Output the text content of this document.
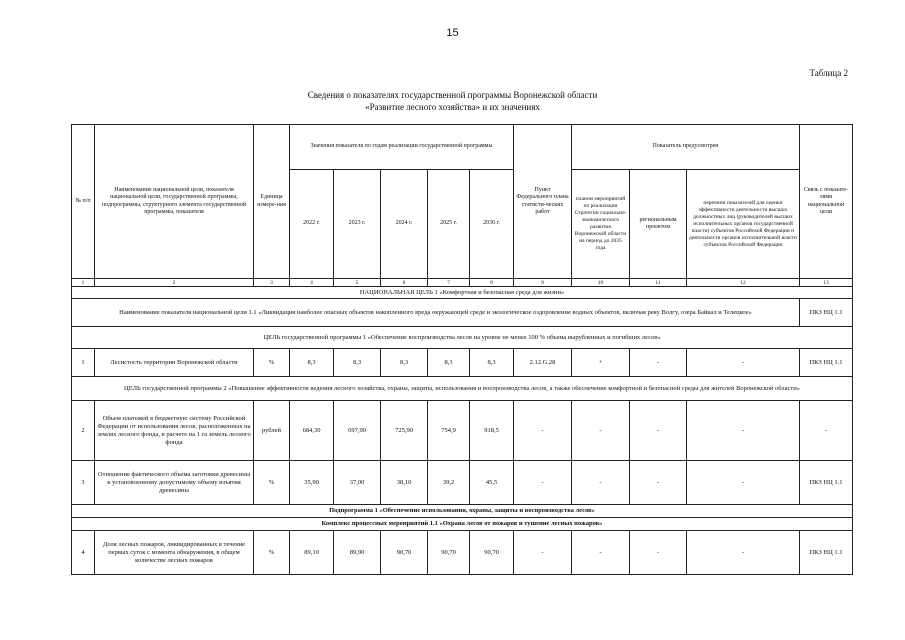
15
Таблица 2
Сведения о показателях государственной программы Воронежской области
«Развитие лесного хозяйства» и их значениях
№ п/п	Наименование национальной цели, показателя национальной цели, государственной программы, подпрограммы, структурного элемента государственной программы, показателя	Единица измере-ния	Значения показателя по годам реализации государственной программы					Пункт Федерального плана статисти-ческих работ	Показатель предусмотрен			Связь с показате-лями национальной цели
			2022 г.	2023 г.	2024 г.	2025 г.	2030 г.		планом мероприятий по реализации Стратегии социально-экономического развития Воронежской области на период до 2035 года	региональным проектом	перечнем показателей для оценки эффективности деятельности высших должностных лиц (руководителей высших исполнительных органов государственной власти) субъектов Российской Федерации и деятельности органов исполнительной власти субъектов Российской Федерации	
1	2	3	4	5	6	7	8	9	10	11	12	13
НАЦИОНАЛЬНАЯ ЦЕЛЬ 1 «Комфортная и безопасная среда для жизни»												
Наименование показателя национальной цели 1.1 «Ликвидация наиболее опасных объектов накопленного вреда окружающей среде и экологическое оздоровление водных объектов, включая реку Волгу, озера Байкал и Телецкое»												ПКЗ НЦ 1.1
ЦЕЛЬ государственной программы 1 «Обеспечение воспроизводства лесов на уровне не менее 100 % объема вырубленных и погибших лесов»												
1	Лесистость территории Воронежской области	%	8,3	8,3	8,3	8,3	8,3	2.12.G.28	+	-	-	ПКЗ НЦ 1.1
ЦЕЛЬ государственной программы 2 «Повышение эффективности ведения лесного хозяйства, охраны, защиты, использования и воспроизводства лесов, а также обеспечение комфортной и безопасной среды для жителей Воронежской области»												
2	Объем платежей в бюджетную систему Российской Федерации от использования лесов, расположенных на землях лесного фонда, в расчете на 1 га земель лесного фонда	рублей	684,30	697,90	725,90	754,9	918,5	-	-	-	-	-
3	Отношение фактического объема заготовки древесины к установленному допустимому объему изъятия древесины	%	35,90	37,00	38,10	39,2	45,5	-	-	-	-	ПКЗ НЦ 1.1
Подпрограмма 1 «Обеспечение использования, охраны, защиты и воспроизводства лесов»												
Комплекс процессных мероприятий 1.1 «Охрана лесов от пожаров и тушение лесных пожаров»												
4	Доля лесных пожаров, ликвидированных в течение первых суток с момента обнаружения, в общем количестве лесных пожаров	%	89,10	89,90	90,70	90,70	90,70	-	-	-	-	ПКЗ НЦ 1.1
